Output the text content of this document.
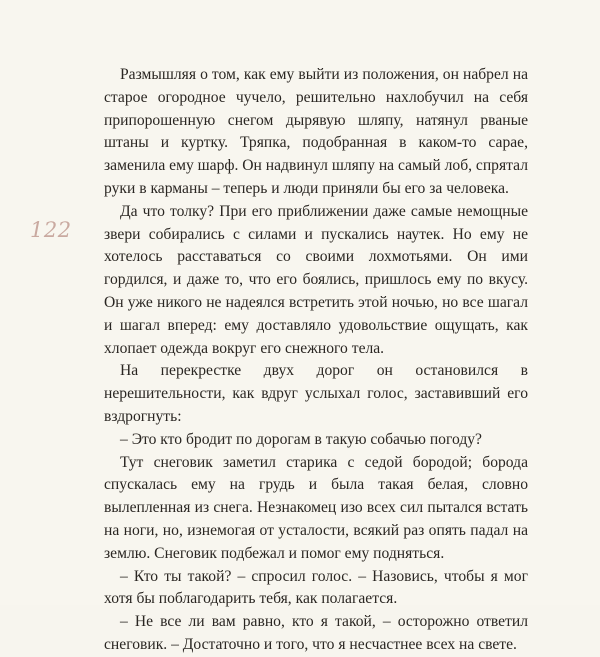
122

Размышляя о том, как ему выйти из положения, он набрел на старое огородное чучело, решительно нахлобучил на себя припорошенную снегом дырявую шляпу, натянул рваные штаны и куртку. Тряпка, подобранная в каком-то сарае, заменила ему шарф. Он надвинул шляпу на самый лоб, спрятал руки в карманы – теперь и люди приняли бы его за человека.

Да что толку? При его приближении даже самые немощные звери собирались с силами и пускались наутек. Но ему не хотелось расставаться со своими лохмотьями. Он ими гордился, и даже то, что его боялись, пришлось ему по вкусу. Он уже никого не надеялся встретить этой ночью, но все шагал и шагал вперед: ему доставляло удовольствие ощущать, как хлопает одежда вокруг его снежного тела.

На перекрестке двух дорог он остановился в нерешительности, как вдруг услыхал голос, заставивший его вздрогнуть:

– Это кто бродит по дорогам в такую собачью погоду?

Тут снеговик заметил старика с седой бородой; борода спускалась ему на грудь и была такая белая, словно вылепленная из снега. Незнакомец изо всех сил пытался встать на ноги, но, изнемогая от усталости, всякий раз опять падал на землю. Снеговик подбежал и помог ему подняться.

– Кто ты такой? – спросил голос. – Назовись, чтобы я мог хотя бы поблагодарить тебя, как полагается.

– Не все ли вам равно, кто я такой, – осторожно ответил снеговик. – Достаточно и того, что я несчастнее всех на свете.
